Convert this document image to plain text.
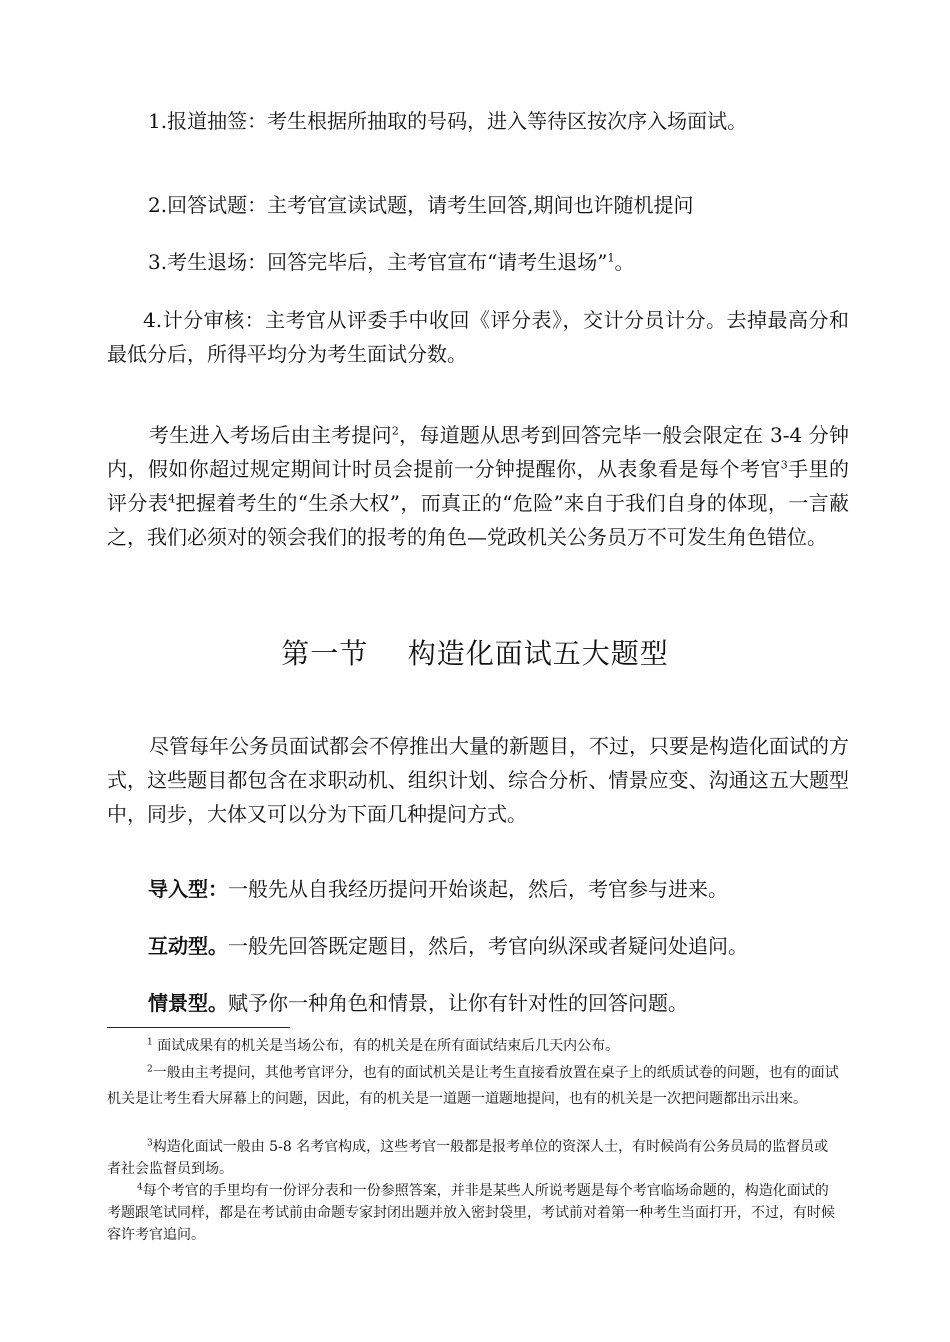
1.报道抽签：考生根据所抽取的号码，进入等待区按次序入场面试。

2.回答试题：主考官宣读试题，请考生回答,期间也许随机提问

3.考生退场：回答完毕后，主考官宣布“请考生退场”$^1$。

4.计分审核：主考官从评委手中收回《评分表》，交计分员计分。去掉最高分和最低分后，所得平均分为考生面试分数。

考生进入考场后由主考提问$^2$，每道题从思考到回答完毕一般会限定在 3-4 分钟内，假如你超过规定期间计时员会提前一分钟提醒你，从表象看是每个考官$^3$手里的评分表$^4$把握着考生的“生杀大权”，而真正的“危险”来自于我们自身的体现，一言蔽之，我们必须对的领会我们的报考的角色—党政机关公务员万不可发生角色错位。

第一节    构造化面试五大题型

尽管每年公务员面试都会不停推出大量的新题目，不过，只要是构造化面试的方式，这些题目都包含在求职动机、组织计划、综合分析、情景应变、沟通这五大题型中，同步，大体又可以分为下面几种提问方式。

导入型：一般先从自我经历提问开始谈起，然后，考官参与进来。
互动型。一般先回答既定题目，然后，考官向纵深或者疑问处追问。
情景型。赋予你一种角色和情景，让你有针对性的回答问题。

$^1$ 面试成果有的机关是当场公布，有的机关是在所有面试结束后几天内公布。

$^2$一般由主考提问，其他考官评分，也有的面试机关是让考生直接看放置在桌子上的纸质试卷的问题，也有的面试机关是让考生看大屏幕上的问题，因此，有的机关是一道题一道题地提问，也有的机关是一次把问题都出示出来。

$^3$构造化面试一般由 5-8 名考官构成，这些考官一般都是报考单位的资深人士，有时候尚有公务员局的监督员或者社会监督员到场。

$^4$每个考官的手里均有一份评分表和一份参照答案，并非是某些人所说考题是每个考官临场命题的，构造化面试的考题跟笔试同样，都是在考试前由命题专家封闭出题并放入密封袋里，考试前对着第一种考生当面打开，不过，有时候容许考官追问。
